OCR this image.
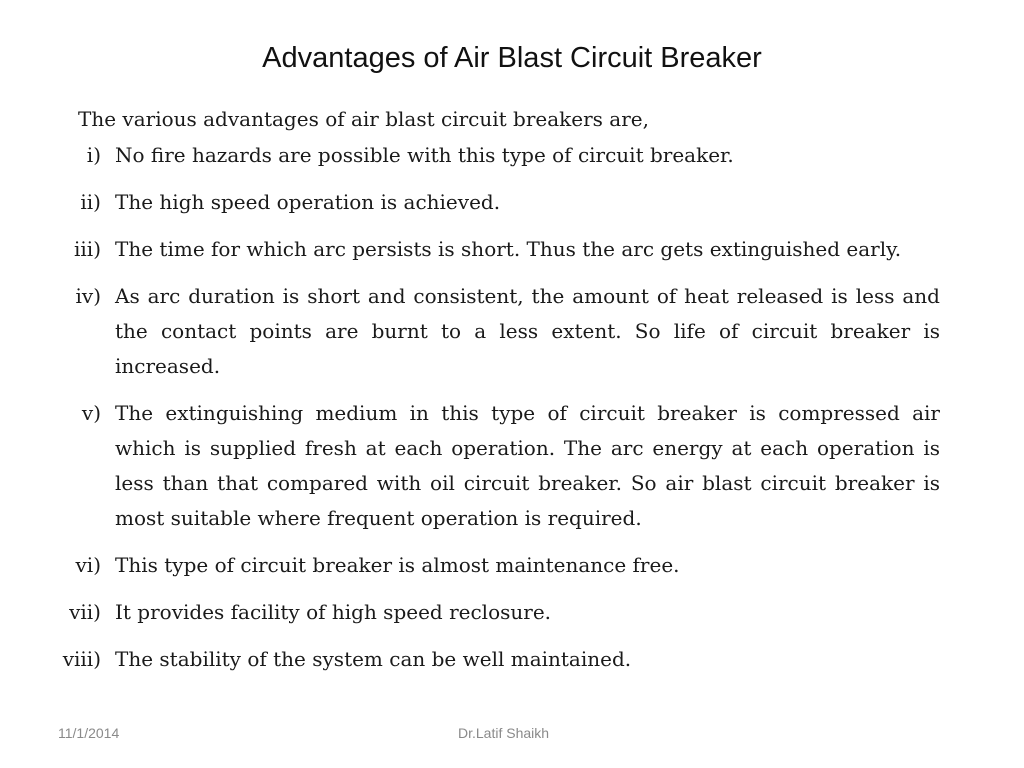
Advantages of Air Blast Circuit Breaker
The various advantages of air blast circuit breakers are,
i) No fire hazards are possible with this type of circuit breaker.
ii) The high speed operation is achieved.
iii) The time for which arc persists is short. Thus the arc gets extinguished early.
iv) As arc duration is short and consistent, the amount of heat released is less and the contact points are burnt to a less extent. So life of circuit breaker is increased.
v) The extinguishing medium in this type of circuit breaker is compressed air which is supplied fresh at each operation. The arc energy at each operation is less than that compared with oil circuit breaker. So air blast circuit breaker is most suitable where frequent operation is required.
vi) This type of circuit breaker is almost maintenance free.
vii) It provides facility of high speed reclosure.
viii) The stability of the system can be well maintained.
11/1/2014	Dr.Latif Shaikh
